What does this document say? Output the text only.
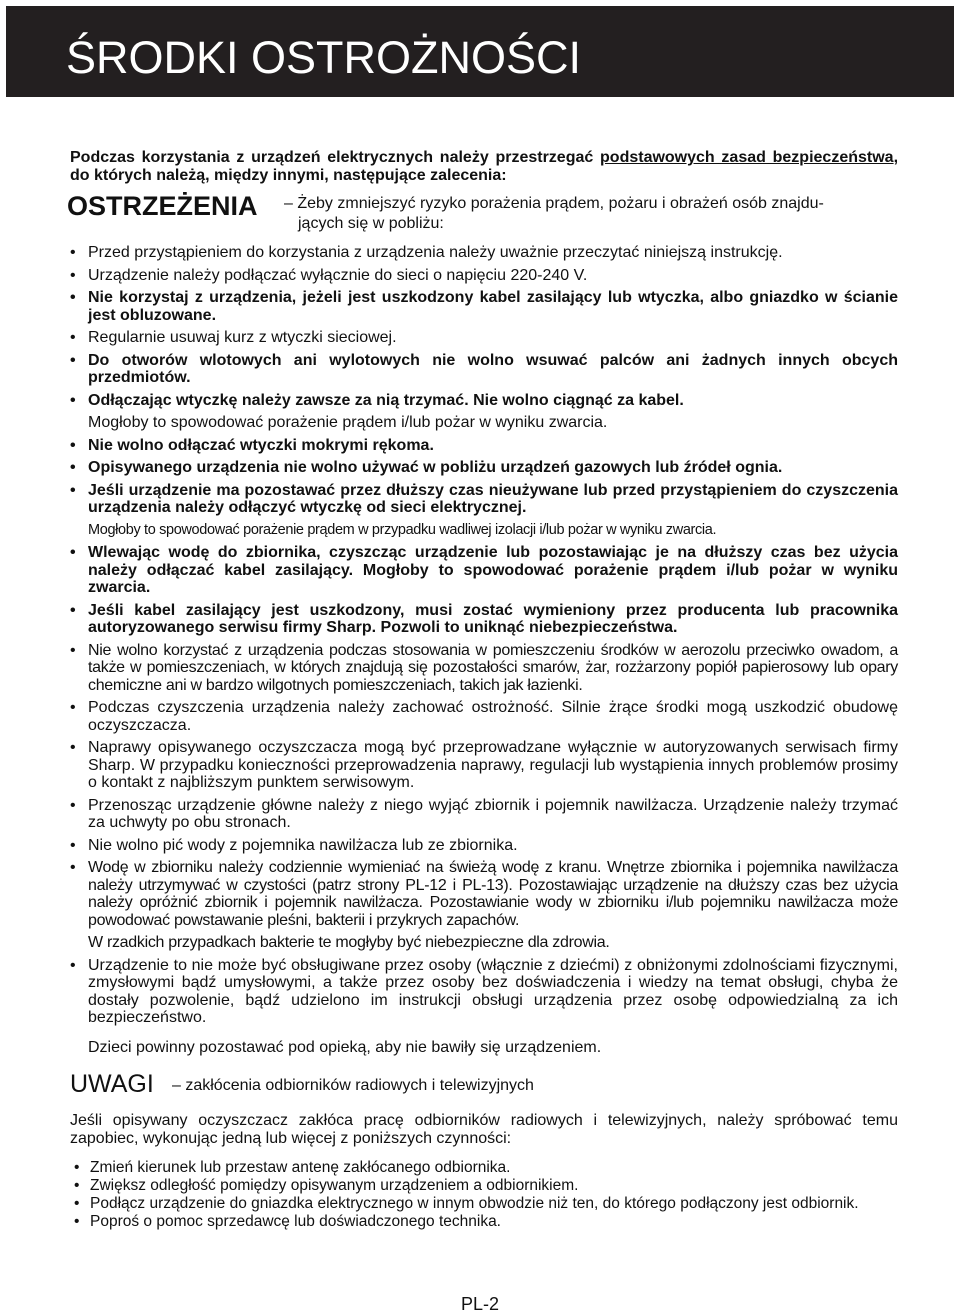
ŚRODKI OSTROŻNOŚCI

Podczas korzystania z urządzeń elektrycznych należy przestrzegać podstawowych zasad bezpieczeństwa, do których należą, między innymi, następujące zalecenia:

OSTRZEŻENIA – Żeby zmniejszyć ryzyko porażenia prądem, pożaru i obrażeń osób znajdu-
jących się w pobliżu:
• Przed przystąpieniem do korzystania z urządzenia należy uważnie przeczytać niniejszą instrukcję.
• Urządzenie należy podłączać wyłącznie do sieci o napięciu 220-240 V.
• Nie korzystaj z urządzenia, jeżeli jest uszkodzony kabel zasilający lub wtyczka, albo gniazdko w ścianie jest obluzowane.
• Regularnie usuwaj kurz z wtyczki sieciowej.
• Do otworów wlotowych ani wylotowych nie wolno wsuwać palców ani żadnych innych obcych przedmiotów.
• Odłączając wtyczkę należy zawsze za nią trzymać. Nie wolno ciągnąć za kabel.
Mogłoby to spowodować porażenie prądem i/lub pożar w wyniku zwarcia.
• Nie wolno odłączać wtyczki mokrymi rękoma.
• Opisywanego urządzenia nie wolno używać w pobliżu urządzeń gazowych lub źródeł ognia.
• Jeśli urządzenie ma pozostawać przez dłuższy czas nieużywane lub przed przystąpieniem do czyszczenia urządzenia należy odłączyć wtyczkę od sieci elektrycznej.
Mogłoby to spowodować porażenie prądem w przypadku wadliwej izolacji i/lub pożar w wyniku zwarcia.
• Wlewając wodę do zbiornika, czyszcząc urządzenie lub pozostawiając je na dłuższy czas bez użycia należy odłączać kabel zasilający. Mogłoby to spowodować porażenie prądem i/lub pożar w wyniku zwarcia.
• Jeśli kabel zasilający jest uszkodzony, musi zostać wymieniony przez producenta lub pracownika autoryzowanego serwisu firmy Sharp. Pozwoli to uniknąć niebezpieczeństwa.
• Nie wolno korzystać z urządzenia podczas stosowania w pomieszczeniu środków w aerozolu przeciwko owadom, a także w pomieszczeniach, w których znajdują się pozostałości smarów, żar, rozżarzony popiół papierosowy lub opary chemiczne ani w bardzo wilgotnych pomieszczeniach, takich jak łazienki.
• Podczas czyszczenia urządzenia należy zachować ostrożność. Silnie żrące środki mogą uszkodzić obudowę oczyszczacza.
• Naprawy opisywanego oczyszczacza mogą być przeprowadzane wyłącznie w autoryzowanych serwisach firmy Sharp. W przypadku konieczności przeprowadzenia naprawy, regulacji lub wystąpienia innych problemów prosimy o kontakt z najbliższym punktem serwisowym.
• Przenosząc urządzenie główne należy z niego wyjąć zbiornik i pojemnik nawilżacza. Urządzenie należy trzymać za uchwyty po obu stronach.
• Nie wolno pić wody z pojemnika nawilżacza lub ze zbiornika.
• Wodę w zbiorniku należy codziennie wymieniać na świeżą wodę z kranu. Wnętrze zbiornika i pojemnika nawilżacza należy utrzymywać w czystości (patrz strony PL-12 i PL-13). Pozostawiając urządzenie na dłuższy czas bez użycia należy opróżnić zbiornik i pojemnik nawilżacza. Pozostawianie wody w zbiorniku i/lub pojemniku nawilżacza może powodować powstawanie pleśni, bakterii i przykrych zapachów.
W rzadkich przypadkach bakterie te mogłyby być niebezpieczne dla zdrowia.
• Urządzenie to nie może być obsługiwane przez osoby (włącznie z dziećmi) z obniżonymi zdolnościami fizycznymi, zmysłowymi bądź umysłowymi, a także przez osoby bez doświadczenia i wiedzy na temat obsługi, chyba że dostały pozwolenie, bądź udzielono im instrukcji obsługi urządzenia przez osobę odpowiedzialną za ich bezpieczeństwo.
Dzieci powinny pozostawać pod opieką, aby nie bawiły się urządzeniem.
UWAGI – zakłócenia odbiorników radiowych i telewizyjnych

Jeśli opisywany oczyszczacz zakłóca pracę odbiorników radiowych i telewizyjnych, należy spróbować temu zapobiec, wykonując jedną lub więcej z poniższych czynności:

• Zmień kierunek lub przestaw antenę zakłócanego odbiornika.
• Zwiększ odległość pomiędzy opisywanym urządzeniem a odbiornikiem.
• Podłącz urządzenie do gniazdka elektrycznego w innym obwodzie niż ten, do którego podłączony jest odbiornik.
• Poproś o pomoc sprzedawcę lub doświadczonego technika.
PL-2
